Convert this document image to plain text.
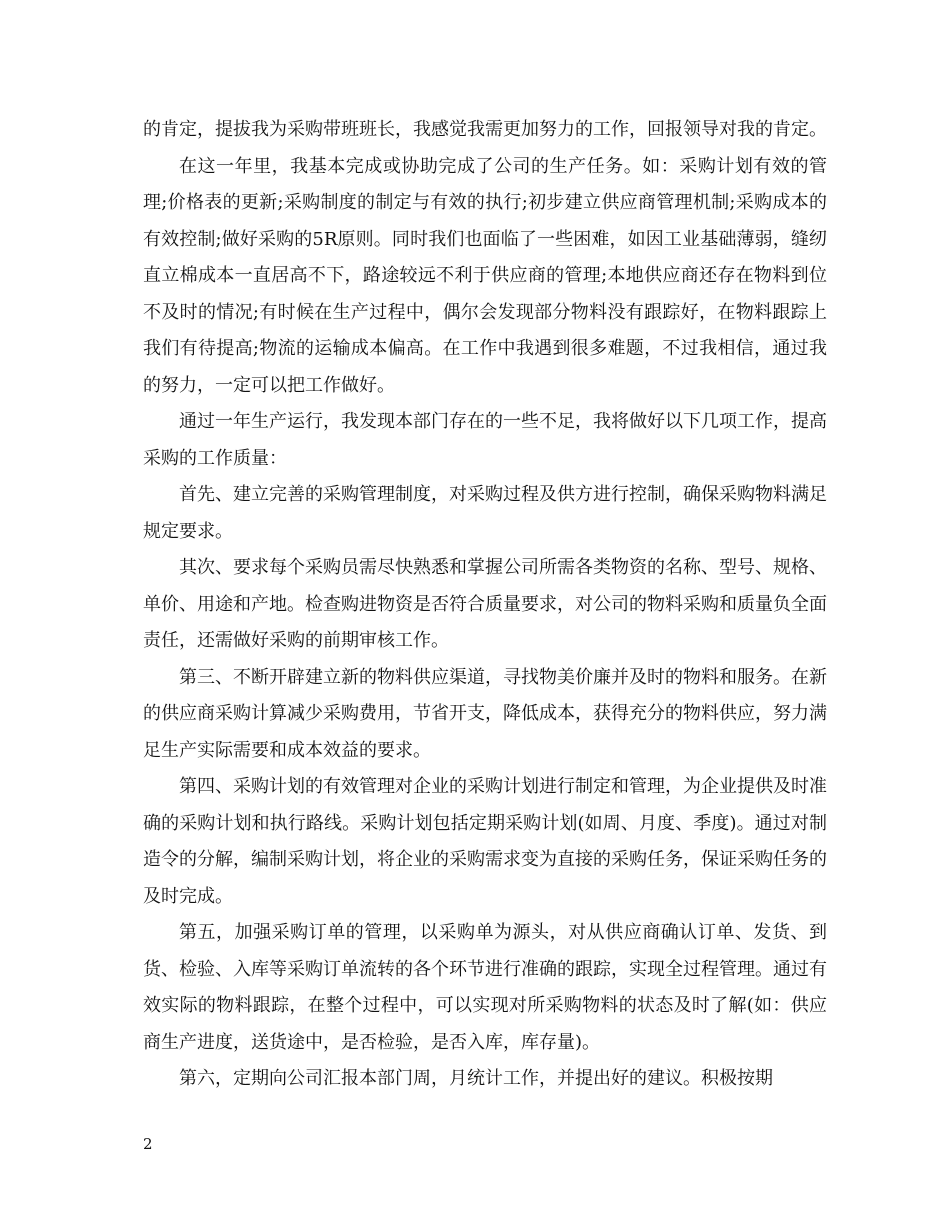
的肯定，提拔我为采购带班班长，我感觉我需更加努力的工作，回报领导对我的肯定。

在这一年里，我基本完成或协助完成了公司的生产任务。如：采购计划有效的管理;价格表的更新;采购制度的制定与有效的执行;初步建立供应商管理机制;采购成本的有效控制;做好采购的5R原则。同时我们也面临了一些困难，如因工业基础薄弱，缝纫直立棉成本一直居高不下，路途较远不利于供应商的管理;本地供应商还存在物料到位不及时的情况;有时候在生产过程中，偶尔会发现部分物料没有跟踪好，在物料跟踪上我们有待提高;物流的运输成本偏高。在工作中我遇到很多难题，不过我相信，通过我的努力，一定可以把工作做好。

通过一年生产运行，我发现本部门存在的一些不足，我将做好以下几项工作，提高采购的工作质量：

首先、建立完善的采购管理制度，对采购过程及供方进行控制，确保采购物料满足规定要求。

其次、要求每个采购员需尽快熟悉和掌握公司所需各类物资的名称、型号、规格、单价、用途和产地。检查购进物资是否符合质量要求，对公司的物料采购和质量负全面责任，还需做好采购的前期审核工作。

第三、不断开辟建立新的物料供应渠道，寻找物美价廉并及时的物料和服务。在新的供应商采购计算减少采购费用，节省开支，降低成本，获得充分的物料供应，努力满足生产实际需要和成本效益的要求。

第四、采购计划的有效管理对企业的采购计划进行制定和管理，为企业提供及时准确的采购计划和执行路线。采购计划包括定期采购计划(如周、月度、季度)。通过对制造令的分解，编制采购计划，将企业的采购需求变为直接的采购任务，保证采购任务的及时完成。

第五，加强采购订单的管理，以采购单为源头，对从供应商确认订单、发货、到货、检验、入库等采购订单流转的各个环节进行准确的跟踪，实现全过程管理。通过有效实际的物料跟踪，在整个过程中，可以实现对所采购物料的状态及时了解(如：供应商生产进度，送货途中，是否检验，是否入库，库存量)。

第六，定期向公司汇报本部门周，月统计工作，并提出好的建议。积极按期

2
